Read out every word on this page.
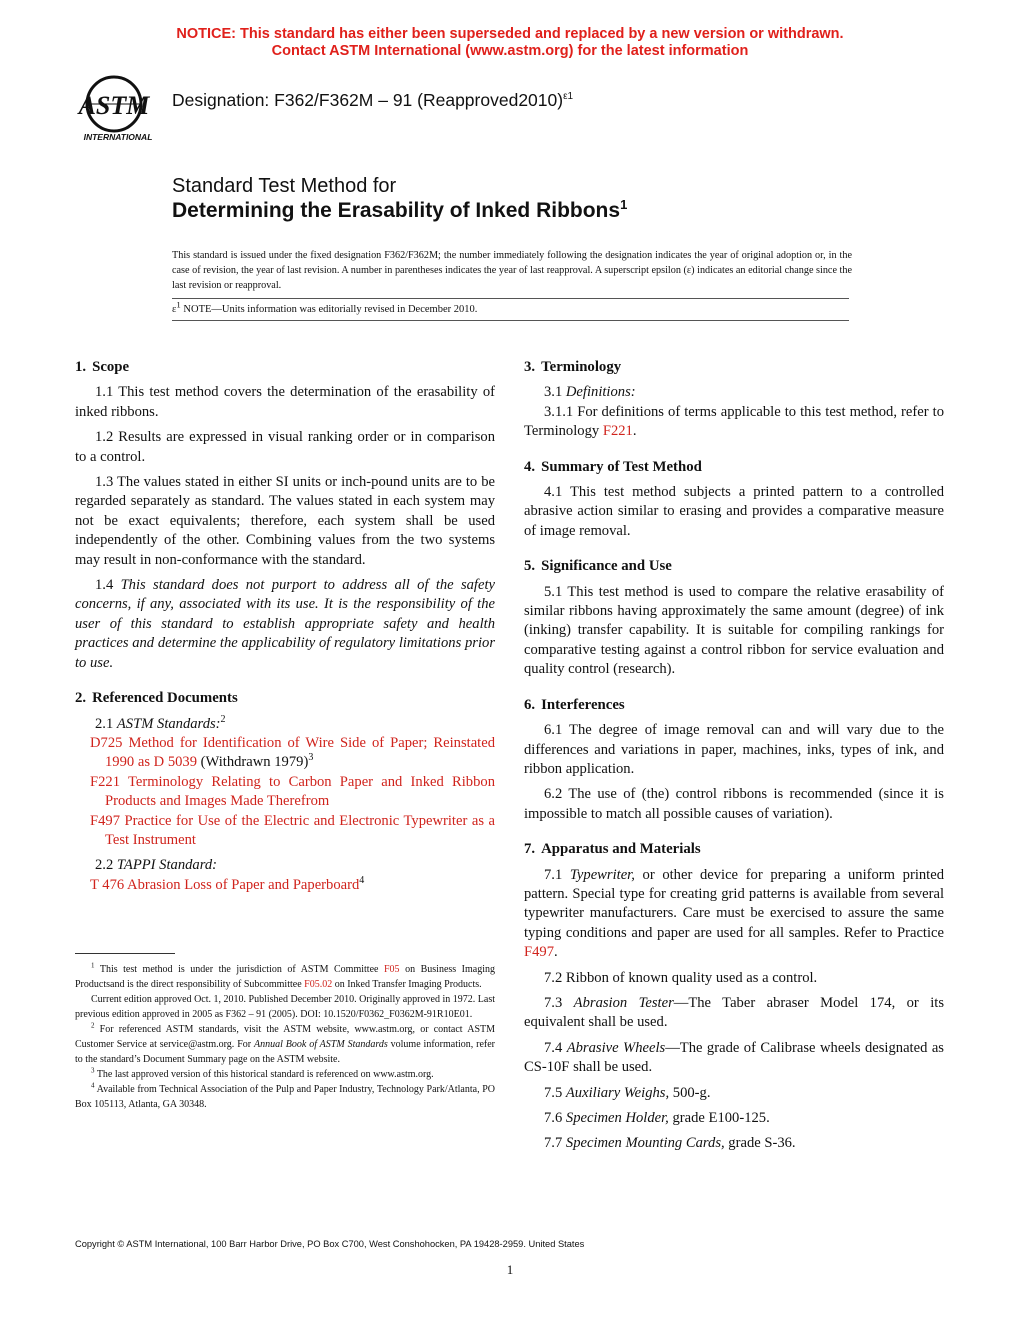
NOTICE: This standard has either been superseded and replaced by a new version or withdrawn.
Contact ASTM International (www.astm.org) for the latest information
ASTM
INTERNATIONAL
Designation: F362/F362M – 91 (Reapproved2010)$^{\varepsilon 1}$
Standard Test Method for
Determining the Erasability of Inked Ribbons$^1$
This standard is issued under the fixed designation F362/F362M; the number immediately following the designation indicates the year of original adoption or, in the case of revision, the year of last revision. A number in parentheses indicates the year of last reapproval. A superscript epsilon (ε) indicates an editorial change since the last revision or reapproval.
$\varepsilon^1$ NOTE—Units information was editorially revised in December 2010.
1. Scope
1.1 This test method covers the determination of the erasability of inked ribbons.
1.2 Results are expressed in visual ranking order or in comparison to a control.
1.3 The values stated in either SI units or inch-pound units are to be regarded separately as standard. The values stated in each system may not be exact equivalents; therefore, each system shall be used independently of the other. Combining values from the two systems may result in non-conformance with the standard.
1.4 This standard does not purport to address all of the safety concerns, if any, associated with its use. It is the responsibility of the user of this standard to establish appropriate safety and health practices and determine the applicability of regulatory limitations prior to use.
2. Referenced Documents
2.1 ASTM Standards:$^2$
D725 Method for Identification of Wire Side of Paper; Reinstated 1990 as D 5039 (Withdrawn 1979)$^3$
F221 Terminology Relating to Carbon Paper and Inked Ribbon Products and Images Made Therefrom
F497 Practice for Use of the Electric and Electronic Typewriter as a Test Instrument
2.2 TAPPI Standard:
T 476 Abrasion Loss of Paper and Paperboard$^4$
$^1$ This test method is under the jurisdiction of ASTM Committee F05 on Business Imaging Productsand is the direct responsibility of Subcommittee F05.02 on Inked Transfer Imaging Products.
Current edition approved Oct. 1, 2010. Published December 2010. Originally approved in 1972. Last previous edition approved in 2005 as F362 – 91 (2005). DOI: 10.1520/F0362_F0362M-91R10E01.
$^2$ For referenced ASTM standards, visit the ASTM website, www.astm.org, or contact ASTM Customer Service at service@astm.org. For Annual Book of ASTM Standards volume information, refer to the standard’s Document Summary page on the ASTM website.
$^3$ The last approved version of this historical standard is referenced on www.astm.org.
$^4$ Available from Technical Association of the Pulp and Paper Industry, Technology Park/Atlanta, PO Box 105113, Atlanta, GA 30348.
3. Terminology
3.1 Definitions:
3.1.1 For definitions of terms applicable to this test method, refer to Terminology F221.
4. Summary of Test Method
4.1 This test method subjects a printed pattern to a controlled abrasive action similar to erasing and provides a comparative measure of image removal.
5. Significance and Use
5.1 This test method is used to compare the relative erasability of similar ribbons having approximately the same amount (degree) of ink (inking) transfer capability. It is suitable for compiling rankings for comparative testing against a control ribbon for service evaluation and quality control (research).
6. Interferences
6.1 The degree of image removal can and will vary due to the differences and variations in paper, machines, inks, types of ink, and ribbon application.
6.2 The use of (the) control ribbons is recommended (since it is impossible to match all possible causes of variation).
7. Apparatus and Materials
7.1 Typewriter, or other device for preparing a uniform printed pattern. Special type for creating grid patterns is available from several typewriter manufacturers. Care must be exercised to assure the same typing conditions and paper are used for all samples. Refer to Practice F497.
7.2 Ribbon of known quality used as a control.
7.3 Abrasion Tester—The Taber abraser Model 174, or its equivalent shall be used.
7.4 Abrasive Wheels—The grade of Calibrase wheels designated as CS-10F shall be used.
7.5 Auxiliary Weighs, 500-g.
7.6 Specimen Holder, grade E100-125.
7.7 Specimen Mounting Cards, grade S-36.
Copyright © ASTM International, 100 Barr Harbor Drive, PO Box C700, West Conshohocken, PA 19428-2959. United States
1
